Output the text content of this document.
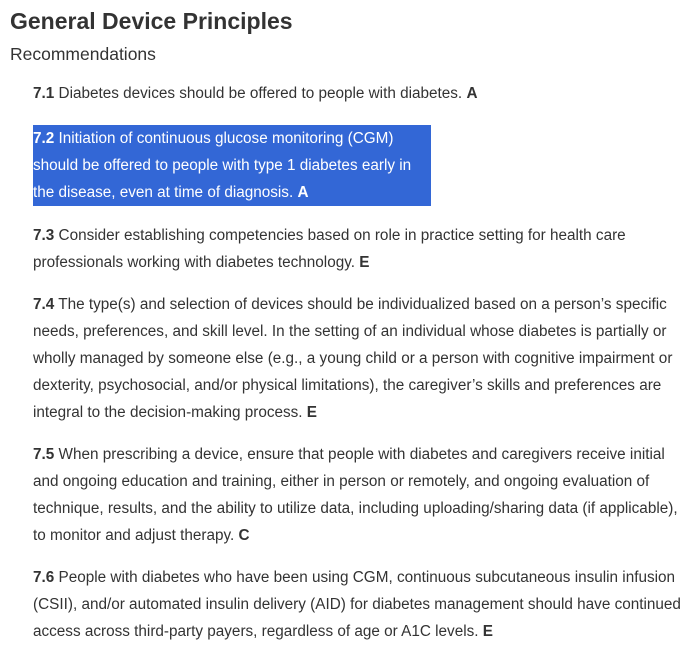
General Device Principles

Recommendations

7.1 Diabetes devices should be offered to people with diabetes. A
7.2 Initiation of continuous glucose monitoring (CGM) should be offered to people with type 1 diabetes early in the disease, even at time of diagnosis. A
7.3 Consider establishing competencies based on role in practice setting for health care professionals working with diabetes technology. E
7.4 The type(s) and selection of devices should be individualized based on a person’s specific needs, preferences, and skill level. In the setting of an individual whose diabetes is partially or wholly managed by someone else (e.g., a young child or a person with cognitive impairment or dexterity, psychosocial, and/or physical limitations), the caregiver’s skills and preferences are integral to the decision-making process. E
7.5 When prescribing a device, ensure that people with diabetes and caregivers receive initial and ongoing education and training, either in person or remotely, and ongoing evaluation of technique, results, and the ability to utilize data, including uploading/sharing data (if applicable), to monitor and adjust therapy. C
7.6 People with diabetes who have been using CGM, continuous subcutaneous insulin infusion (CSII), and/or automated insulin delivery (AID) for diabetes management should have continued access across third-party payers, regardless of age or A1C levels. E
